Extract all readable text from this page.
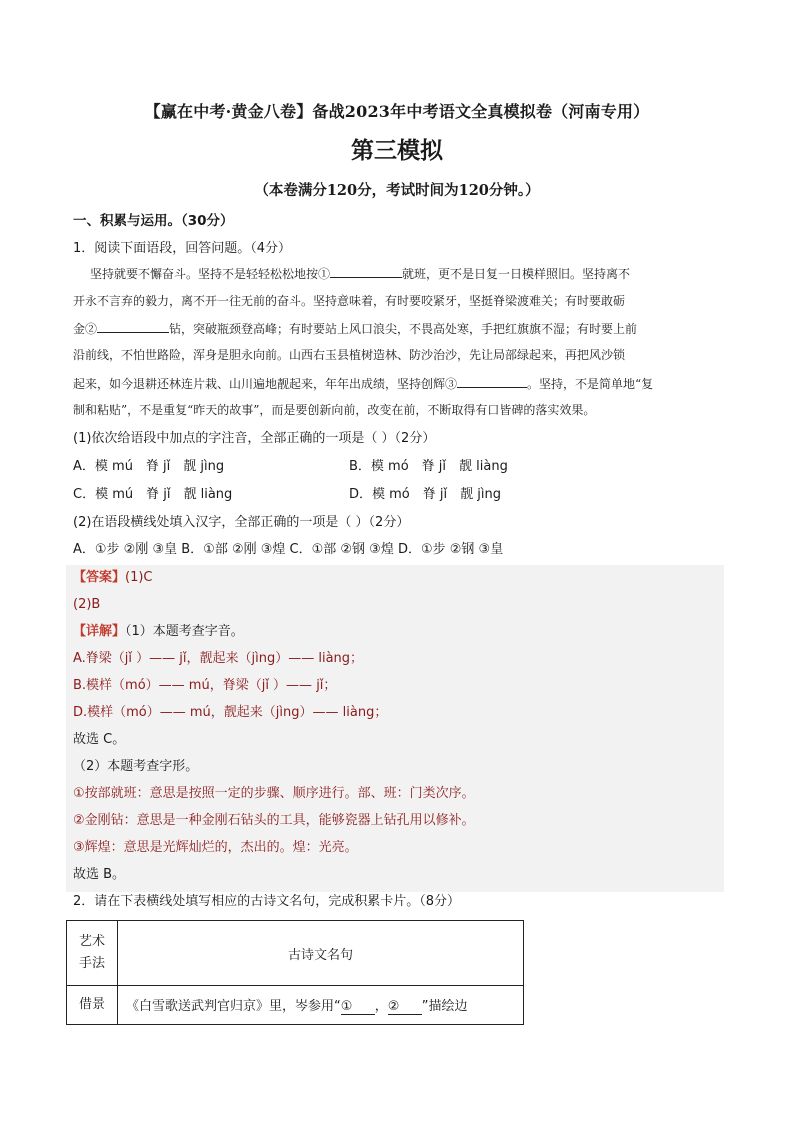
【赢在中考·黄金八卷】备战2023年中考语文全真模拟卷（河南专用）
第三模拟
（本卷满分120分，考试时间为120分钟。）
一、积累与运用。（30分）
1．阅读下面语段，回答问题。（4分）
坚持就要不懈奋斗。坚持不是轻轻松松地按①	就班，更不是日复一日模样照旧。坚持离不
开永不言弃的毅力，离不开一往无前的奋斗。坚持意味着，有时要咬紧牙，坚挺脊梁渡难关；有时要敢砺
金②	钻，突破瓶颈登高峰；有时要站上风口浪尖，不畏高处寒，手把红旗旗不湿；有时要上前
沿前线，不怕世路险，浑身是胆永向前。山西右玉县植树造林、防沙治沙，先让局部绿起来，再把风沙锁
起来，如今退耕还林连片栽、山川遍地靓起来，年年出成绩，坚持创辉③	。坚持，不是简单地“复
制和粘贴”，不是重复“昨天的故事”，而是要创新向前，改变在前，不断取得有口皆碑的落实效果。
(1)依次给语段中加点的字注音，全部正确的一项是（ ）（2分）
A．模 mú　脊 jǐ　靓 jìng	B．模 mó　脊 jǐ　靓 liàng
C．模 mú　脊 jǐ　靓 liàng	D．模 mó　脊 jǐ　靓 jìng
(2)在语段横线处填入汉字，全部正确的一项是（ ）（2分）
A．①步 ②刚 ③皇 B．①部 ②刚 ③煌 C．①部 ②钢 ③煌 D．①步 ②钢 ③皇
【答案】(1)C
(2)B
【详解】（1）本题考查字音。
A.脊梁（jǐ ）—— jǐ，靓起来（jìng）—— liàng；
B.模样（mó）—— mú，脊梁（jǐ ）—— jǐ；
D.模样（mó）—— mú，靓起来（jìng）—— liàng；
故选 C。
（2）本题考查字形。
①按部就班：意思是按照一定的步骤、顺序进行。部、班：门类次序。
②金刚钻：意思是一种金刚石钻头的工具，能够瓷器上钻孔用以修补。
③辉煌：意思是光辉灿烂的，杰出的。煌：光亮。
故选 B。
2．请在下表横线处填写相应的古诗文名句，完成积累卡片。（8分）
艺术
手法	古诗文名句
借景	《白雪歌送武判官归京》里，岑参用“① ，② ”描绘边
